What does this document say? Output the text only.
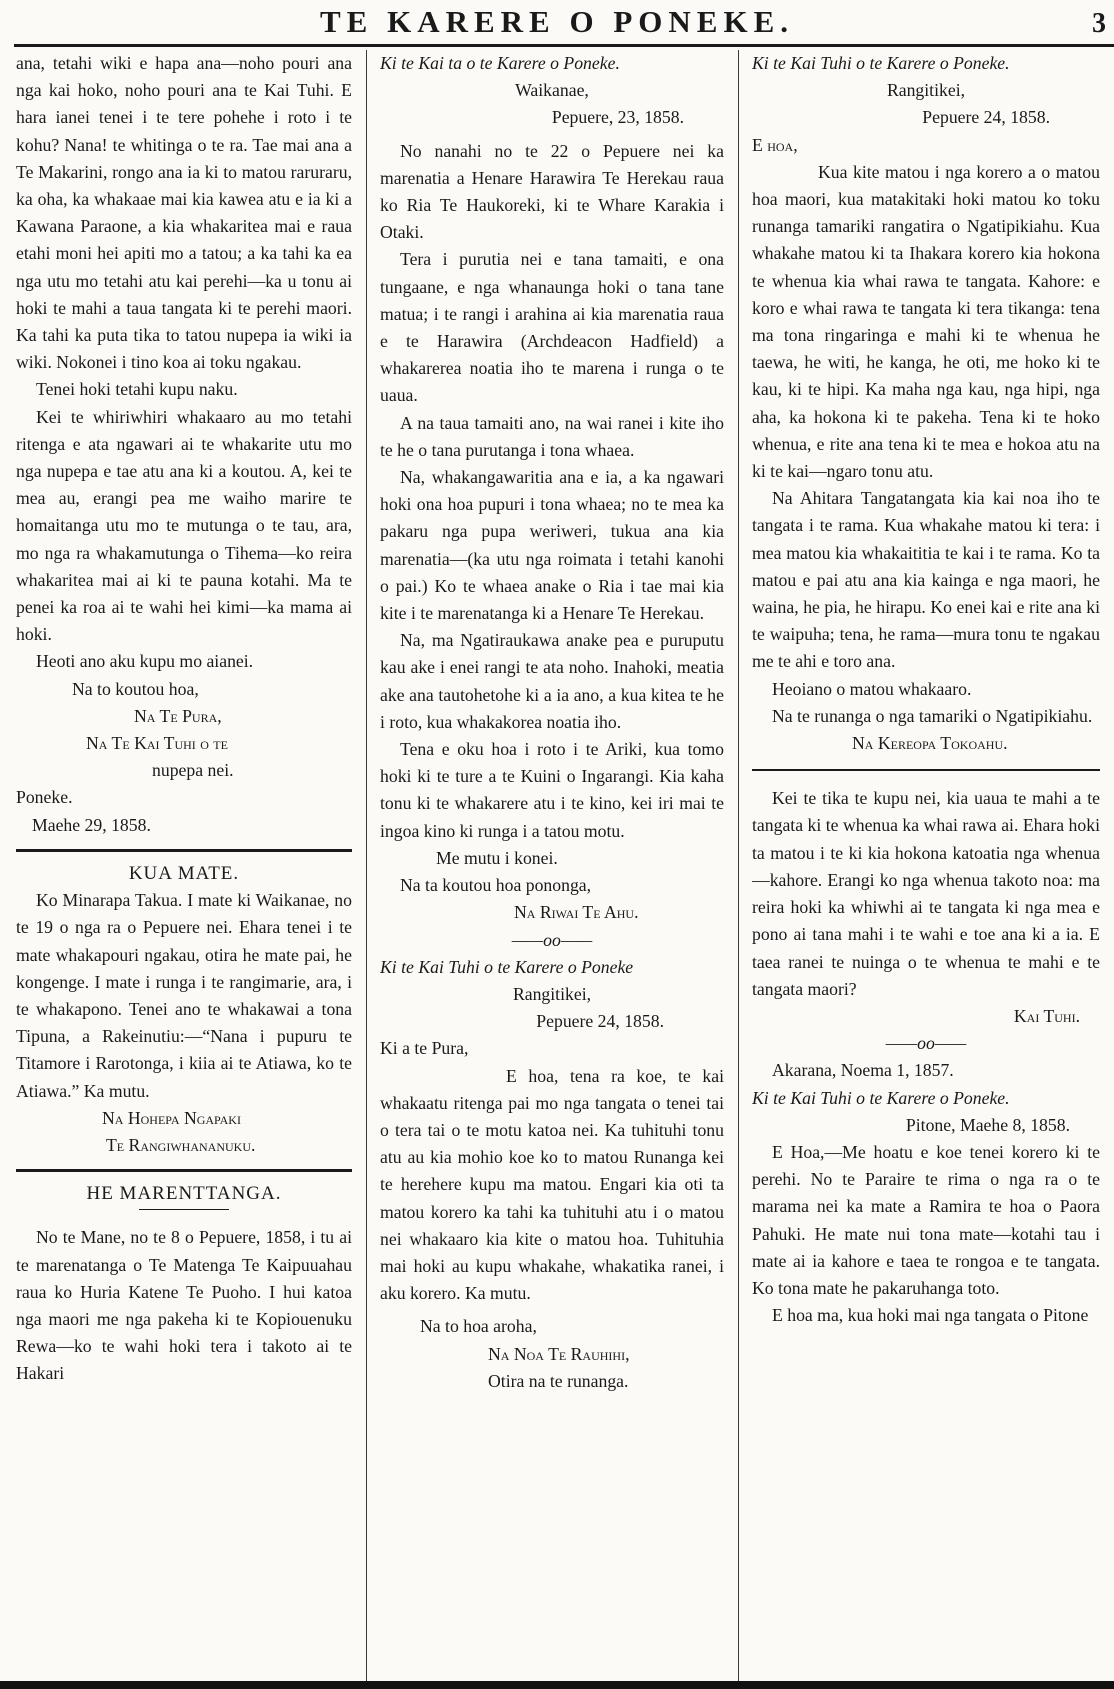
TE KARERE O PONEKE.	3

ana, tetahi wiki e hapa ana—noho pouri ana nga kai hoko, noho pouri ana te Kai Tuhi. E hara ianei tenei i te tere pohehe i roto i te kohu? Nana! te whitinga o te ra. Tae mai ana a Te Makarini, rongo ana ia ki to matou raruraru, ka oha, ka whakaae mai kia kawea atu e ia ki a Kawana Paraone, a kia whakaritea mai e raua etahi moni hei apiti mo a tatou; a ka tahi ka ea nga utu mo tetahi atu kai perehi—ka u tonu ai hoki te mahi a taua tangata ki te perehi maori. Ka tahi ka puta tika to tatou nupepa ia wiki ia wiki. Nokonei i tino koa ai toku ngakau.

Tenei hoki tetahi kupu naku.

Kei te whiriwhiri whakaaro au mo tetahi ritenga e ata ngawari ai te whakarite utu mo nga nupepa e tae atu ana ki a koutou. A, kei te mea au, erangi pea me waiho marire te homaitanga utu mo te mutunga o te tau, ara, mo nga ra whakamutunga o Tihema—ko reira whakaritea mai ai ki te pauna kotahi. Ma te penei ka roa ai te wahi hei kimi—ka mama ai hoki.

Heoti ano aku kupu mo aianei.

Na to koutou hoa,

Na Te Pura,

Na Te Kai Tuhi o te

nupepa nei.

Poneke.

Maehe 29, 1858.

KUA MATE.

Ko Minarapa Takua. I mate ki Waikanae, no te 19 o nga ra o Pepuere nei. Ehara tenei i te mate whakapouri ngakau, otira he mate pai, he kongenge. I mate i runga i te rangimarie, ara, i te whakapono. Tenei ano te whakawai a tona Tipuna, a Rakeinutiu:—“Nana i pupuru te Titamore i Rarotonga, i kiia ai te Atiawa, ko te Atiawa.” Ka mutu.

Na Hohepa Ngapaki

Te Rangiwhananuku.

HE MARENTTANGA.

No te Mane, no te 8 o Pepuere, 1858, i tu ai te marenatanga o Te Matenga Te Kaipuuahau raua ko Huria Katene Te Puoho. I hui katoa nga maori me nga pakeha ki te Kopiouenuku Rewa—ko te wahi hoki tera i takoto ai te Hakari

Ki te Kai ta o te Karere o Poneke.

Waikanae,

Pepuere, 23, 1858.

No nanahi no te 22 o Pepuere nei ka marenatia a Henare Harawira Te Herekau raua ko Ria Te Haukoreki, ki te Whare Karakia i Otaki.

Tera i purutia nei e tana tamaiti, e ona tungaane, e nga whanaunga hoki o tana tane matua; i te rangi i arahina ai kia marenatia raua e te Harawira (Archdeacon Hadfield) a whakarerea noatia iho te marena i runga o te uaua.

A na taua tamaiti ano, na wai ranei i kite iho te he o tana purutanga i tona whaea.

Na, whakangawaritia ana e ia, a ka ngawari hoki ona hoa pupuri i tona whaea; no te mea ka pakaru nga pupa weriweri, tukua ana kia marenatia—(ka utu nga roimata i tetahi kanohi o pai.) Ko te whaea anake o Ria i tae mai kia kite i te marenatanga ki a Henare Te Herekau.

Na, ma Ngatiraukawa anake pea e puruputu kau ake i enei rangi te ata noho. Inahoki, meatia ake ana tautohetohe ki a ia ano, a kua kitea te he i roto, kua whakakorea noatia iho.

Tena e oku hoa i roto i te Ariki, kua tomo hoki ki te ture a te Kuini o Ingarangi. Kia kaha tonu ki te whakarere atu i te kino, kei iri mai te ingoa kino ki runga i a tatou motu.

Me mutu i konei.

Na ta koutou hoa pononga,

Na Riwai Te Ahu.

——oo——

Ki te Kai Tuhi o te Karere o Poneke

Rangitikei,

Pepuere 24, 1858.

Ki a te Pura,

E hoa, tena ra koe, te kai whakaatu ritenga pai mo nga tangata o tenei tai o tera tai o te motu katoa nei. Ka tuhituhi tonu atu au kia mohio koe ko to matou Runanga kei te herehere kupu ma matou. Engari kia oti ta matou korero ka tahi ka tuhituhi atu i o matou nei whakaaro kia kite o matou hoa. Tuhituhia mai hoki au kupu whakahe, whakatika ranei, i aku korero. Ka mutu.

Na to hoa aroha,

Na Noa Te Rauhihi,

Otira na te runanga.

Ki te Kai Tuhi o te Karere o Poneke.

Rangitikei,

Pepuere 24, 1858.

E hoa,

Kua kite matou i nga korero a o matou hoa maori, kua matakitaki hoki matou ko toku runanga tamariki rangatira o Ngatipikiahu. Kua whakahe matou ki ta Ihakara korero kia hokona te whenua kia whai rawa te tangata. Kahore: e koro e whai rawa te tangata ki tera tikanga: tena ma tona ringaringa e mahi ki te whenua he taewa, he witi, he kanga, he oti, me hoko ki te kau, ki te hipi. Ka maha nga kau, nga hipi, nga aha, ka hokona ki te pakeha. Tena ki te hoko whenua, e rite ana tena ki te mea e hokoa atu na ki te kai—ngaro tonu atu.

Na Ahitara Tangatangata kia kai noa iho te tangata i te rama. Kua whakahe matou ki tera: i mea matou kia whakaititia te kai i te rama. Ko ta matou e pai atu ana kia kainga e nga maori, he waina, he pia, he hirapu. Ko enei kai e rite ana ki te waipuha; tena, he rama—mura tonu te ngakau me te ahi e toro ana.

Heoiano o matou whakaaro.

Na te runanga o nga tamariki o Ngatipikiahu.

Na Kereopa Tokoahu.

Kei te tika te kupu nei, kia uaua te mahi a te tangata ki te whenua ka whai rawa ai. Ehara hoki ta matou i te ki kia hokona katoatia nga whenua—kahore. Erangi ko nga whenua takoto noa: ma reira hoki ka whiwhi ai te tangata ki nga mea e pono ai tana mahi i te wahi e toe ana ki a ia. E taea ranei te nuinga o te whenua te mahi e te tangata maori?

Kai Tuhi.

——oo——

Akarana, Noema 1, 1857.

Ki te Kai Tuhi o te Karere o Poneke.

Pitone, Maehe 8, 1858.

E Hoa,—Me hoatu e koe tenei korero ki te perehi. No te Paraire te rima o nga ra o te marama nei ka mate a Ramira te hoa o Paora Pahuki. He mate nui tona mate—kotahi tau i mate ai ia kahore e taea te rongoa e te tangata. Ko tona mate he pakaruhanga toto.

E hoa ma, kua hoki mai nga tangata o Pitone
